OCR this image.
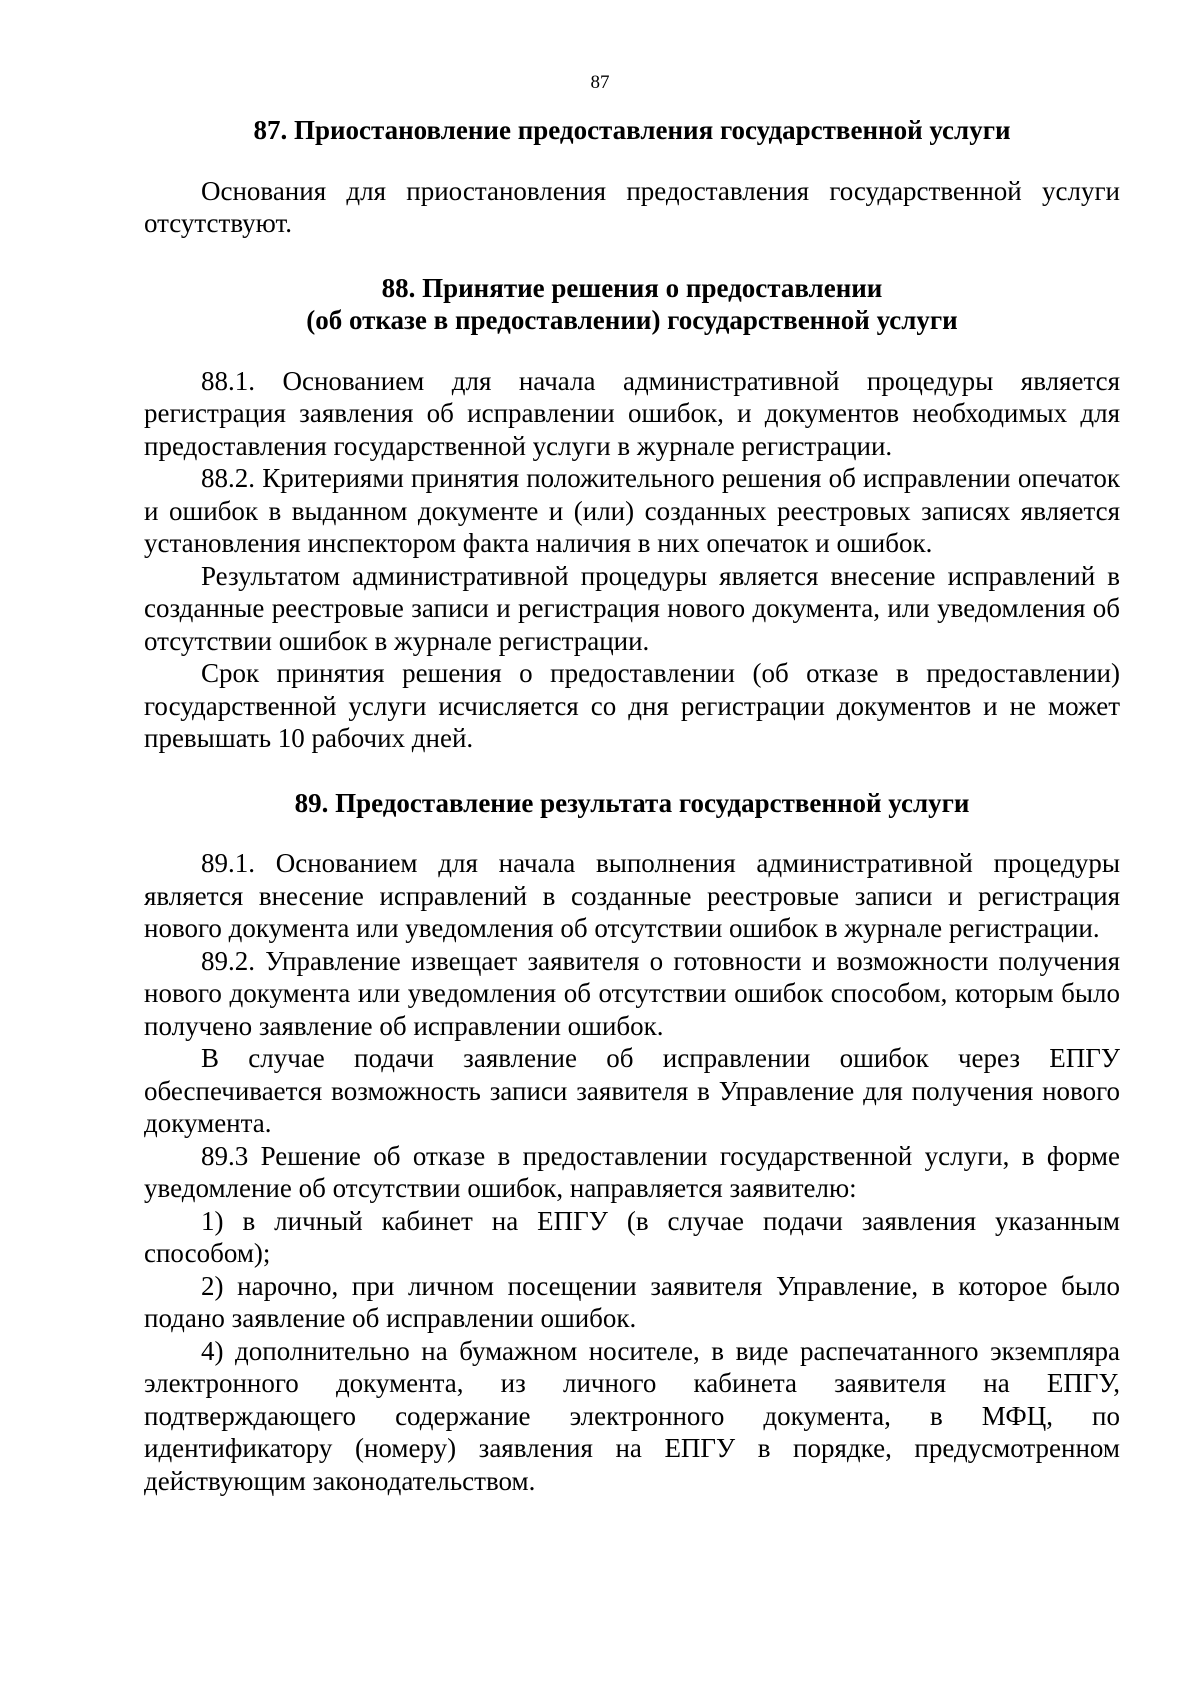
87

87. Приостановление предоставления государственной услуги

Основания для приостановления предоставления государственной услуги отсутствуют.

88. Принятие решения о предоставлении
(об отказе в предоставлении) государственной услуги

88.1. Основанием для начала административной процедуры является регистрация заявления об исправлении ошибок, и документов необходимых для предоставления государственной услуги в журнале регистрации.

88.2. Критериями принятия положительного решения об исправлении опечаток и ошибок в выданном документе и (или) созданных реестровых записях является установления инспектором факта наличия в них опечаток и ошибок.

Результатом административной процедуры является внесение исправлений в созданные реестровые записи и регистрация нового документа, или уведомления об отсутствии ошибок в журнале регистрации.

Срок принятия решения о предоставлении (об отказе в предоставлении) государственной услуги исчисляется со дня регистрации документов и не может превышать 10 рабочих дней.

89. Предоставление результата государственной услуги

89.1. Основанием для начала выполнения административной процедуры является внесение исправлений в созданные реестровые записи и регистрация нового документа или уведомления об отсутствии ошибок в журнале регистрации.

89.2. Управление извещает заявителя о готовности и возможности получения нового документа или уведомления об отсутствии ошибок способом, которым было получено заявление об исправлении ошибок.

В случае подачи заявление об исправлении ошибок через ЕПГУ обеспечивается возможность записи заявителя в Управление для получения нового документа.

89.3 Решение об отказе в предоставлении государственной услуги, в форме уведомление об отсутствии ошибок, направляется заявителю:

1) в личный кабинет на ЕПГУ (в случае подачи заявления указанным способом);

2) нарочно, при личном посещении заявителя Управление, в которое было подано заявление об исправлении ошибок.

4) дополнительно на бумажном носителе, в виде распечатанного экземпляра электронного документа, из личного кабинета заявителя на ЕПГУ, подтверждающего содержание электронного документа, в МФЦ, по идентификатору (номеру) заявления на ЕПГУ в порядке, предусмотренном действующим законодательством.
